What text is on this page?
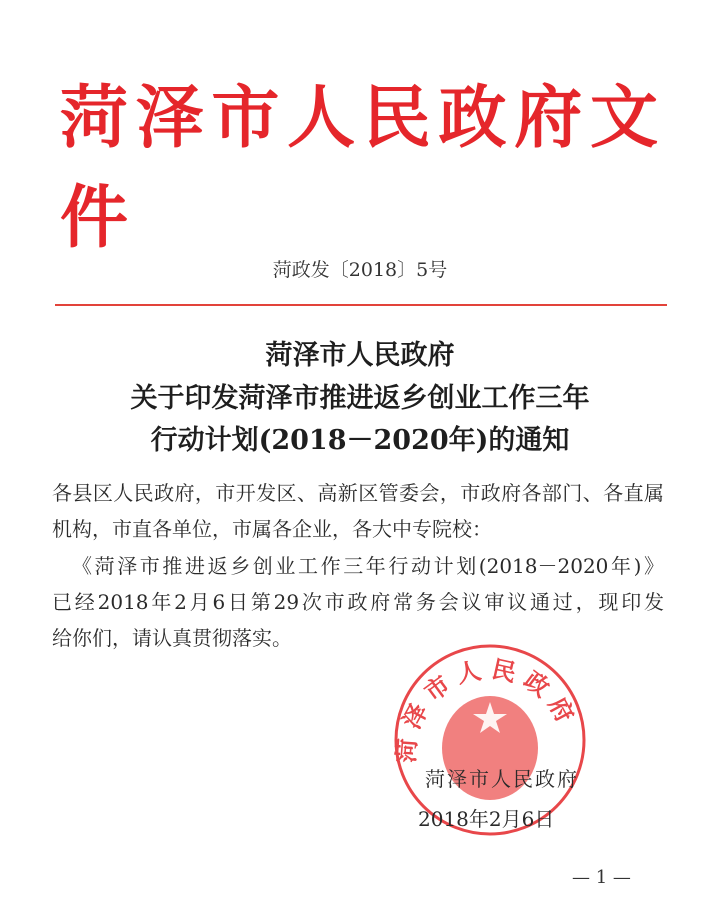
菏泽市人民政府文件
菏政发〔2018〕5号
菏泽市人民政府
关于印发菏泽市推进返乡创业工作三年
行动计划(2018－2020年)的通知
各县区人民政府，市开发区、高新区管委会，市政府各部门、各直属
机构，市直各单位，市属各企业，各大中专院校：
《菏泽市推进返乡创业工作三年行动计划(2018－2020年)》
已经2018年2月6日第29次市政府常务会议审议通过，现印发
给你们，请认真贯彻落实。
菏泽市人民政府
菏泽市人民政府
2018年2月6日
— 1 —
